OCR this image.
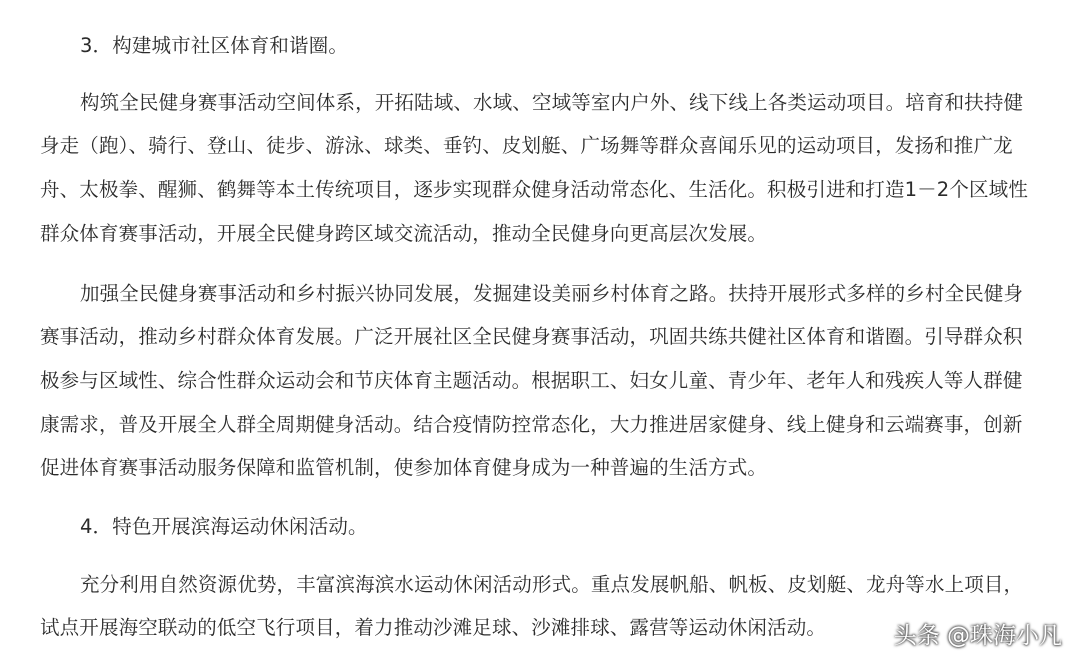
3．构建城市社区体育和谐圈。
构筑全民健身赛事活动空间体系，开拓陆域、水域、空域等室内户外、线下线上各类运动项目。培育和扶持健
身走（跑）、骑行、登山、徒步、游泳、球类、垂钓、皮划艇、广场舞等群众喜闻乐见的运动项目，发扬和推广龙
舟、太极拳、醒狮、鹤舞等本土传统项目，逐步实现群众健身活动常态化、生活化。积极引进和打造1－2个区域性
群众体育赛事活动，开展全民健身跨区域交流活动，推动全民健身向更高层次发展。
加强全民健身赛事活动和乡村振兴协同发展，发掘建设美丽乡村体育之路。扶持开展形式多样的乡村全民健身
赛事活动，推动乡村群众体育发展。广泛开展社区全民健身赛事活动，巩固共练共健社区体育和谐圈。引导群众积
极参与区域性、综合性群众运动会和节庆体育主题活动。根据职工、妇女儿童、青少年、老年人和残疾人等人群健
康需求，普及开展全人群全周期健身活动。结合疫情防控常态化，大力推进居家健身、线上健身和云端赛事，创新
促进体育赛事活动服务保障和监管机制，使参加体育健身成为一种普遍的生活方式。
4．特色开展滨海运动休闲活动。
充分利用自然资源优势，丰富滨海滨水运动休闲活动形式。重点发展帆船、帆板、皮划艇、龙舟等水上项目，
试点开展海空联动的低空飞行项目，着力推动沙滩足球、沙滩排球、露营等运动休闲活动。	头条 @珠海小凡
